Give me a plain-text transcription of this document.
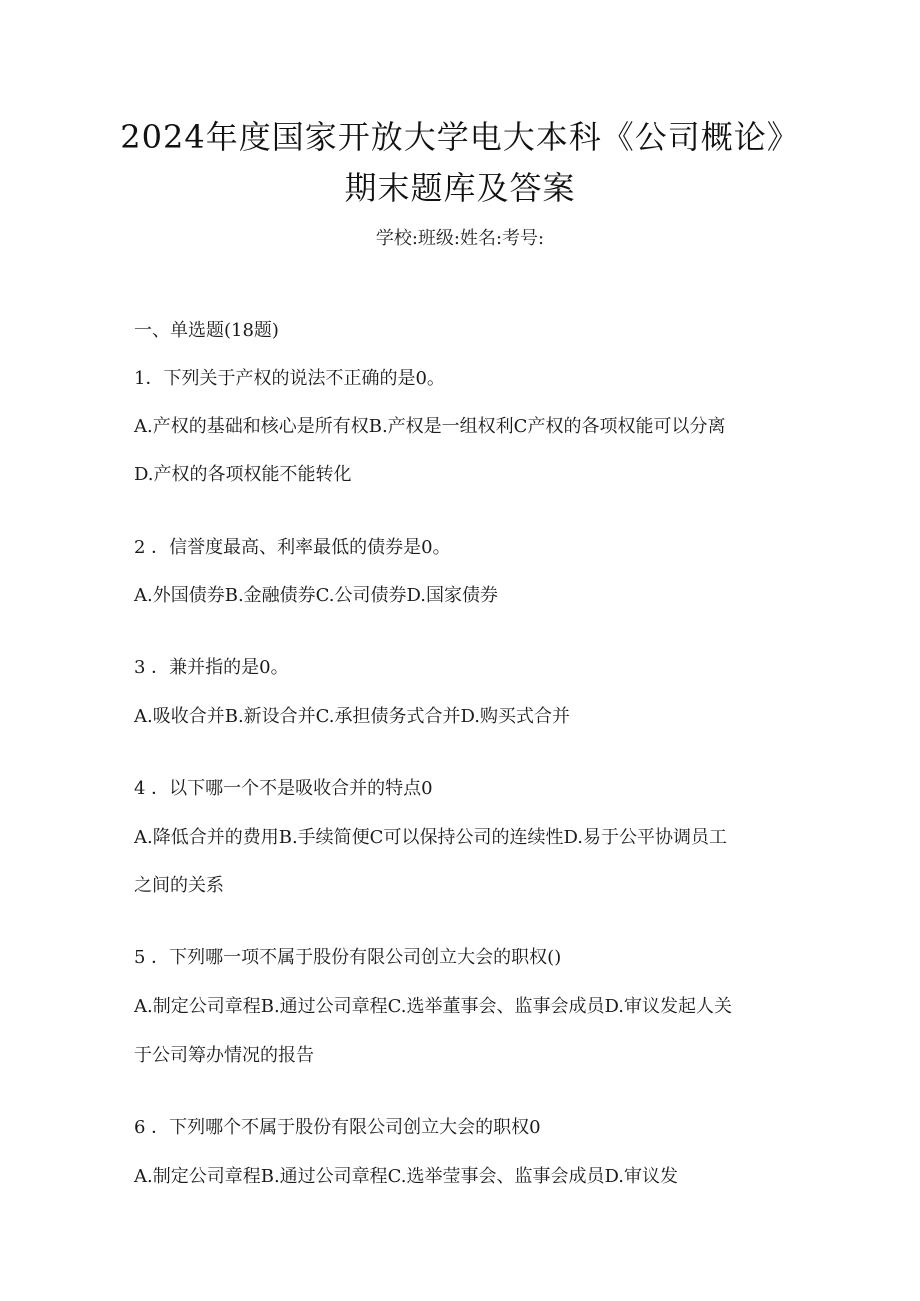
2024年度国家开放大学电大本科《公司概论》
期末题库及答案
学校:班级:姓名:考号:
一、单选题(18题)
1．下列关于产权的说法不正确的是0。
A.产权的基础和核心是所有权B.产权是一组权利C产权的各项权能可以分离
D.产权的各项权能不能转化
2 ．信誉度最高、利率最低的债券是0。
A.外国债券B.金融债券C.公司债券D.国家债券
3 ．兼并指的是0。
A.吸收合并B.新设合并C.承担债务式合并D.购买式合并
4 ．以下哪一个不是吸收合并的特点0
A.降低合并的费用B.手续简便C可以保持公司的连续性D.易于公平协调员工
之间的关系
5 ．下列哪一项不属于股份有限公司创立大会的职权()
A.制定公司章程B.通过公司章程C.选举董事会、监事会成员D.审议发起人关
于公司筹办情况的报告
6 ．下列哪个不属于股份有限公司创立大会的职权0
A.制定公司章程B.通过公司章程C.选举莹事会、监事会成员D.审议发
